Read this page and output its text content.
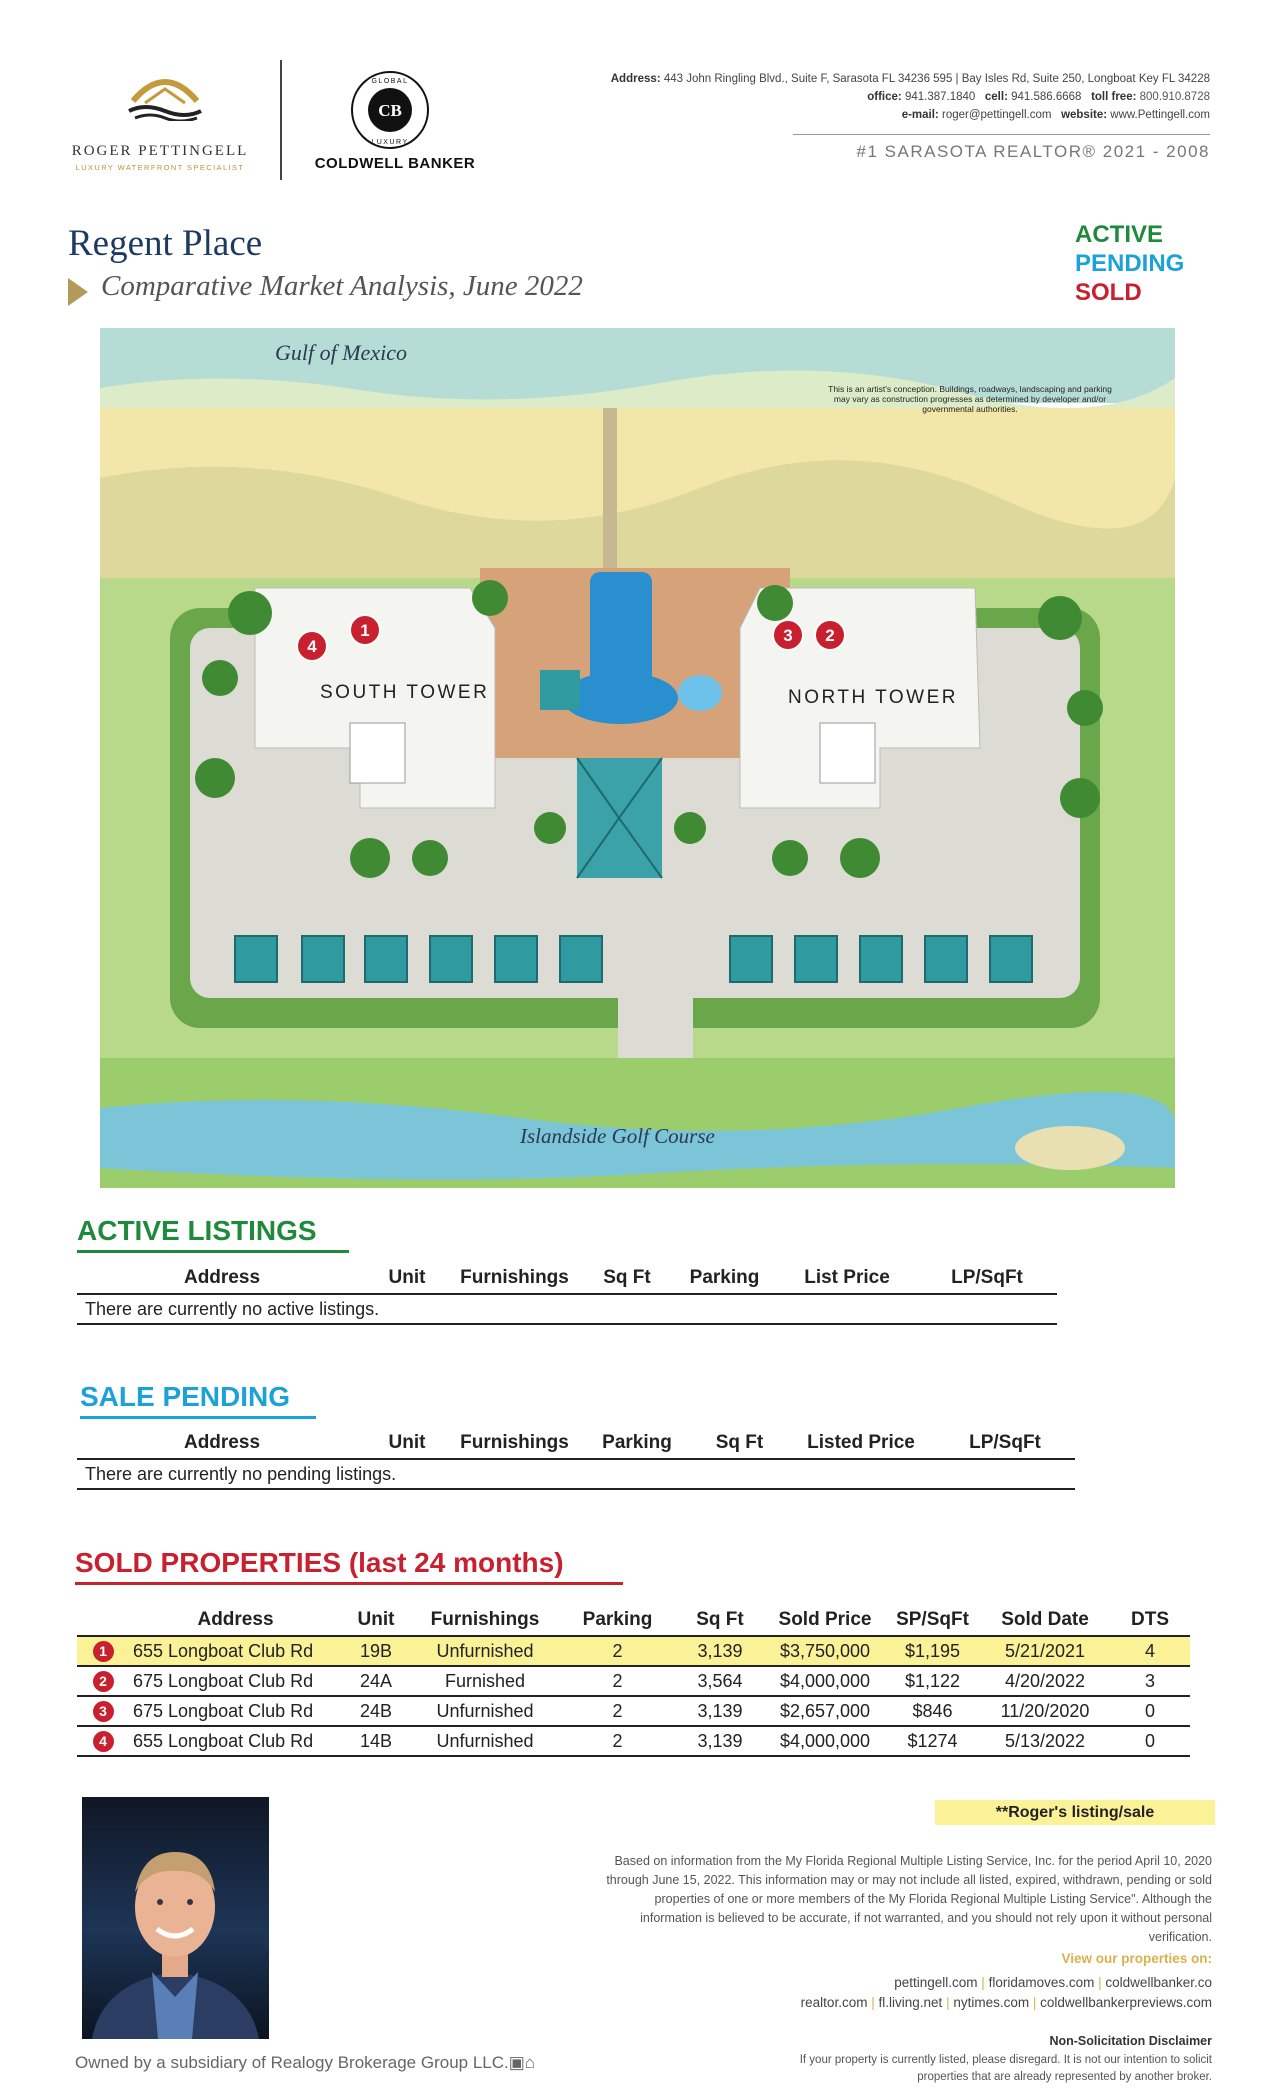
ROGER PETTINGELL
LUXURY WATERFRONT SPECIALIST
CB
GLOBAL
LUXURY
COLDWELL BANKER
Address: 443 John Ringling Blvd., Suite F, Sarasota FL 34236 595 | Bay Isles Rd, Suite 250, Longboat Key FL 34228
office: 941.387.1840 cell: 941.586.6668 toll free: 800.910.8728
e-mail: roger@pettingell.com website: www.Pettingell.com
#1 SARASOTA REALTOR® 2021 - 2008
Regent Place
Comparative Market Analysis, June 2022
ACTIVE
PENDING
SOLD
Gulf of Mexico
Islandside Golf Course
SOUTH TOWER	NORTH TOWER
This is an artist's conception. Buildings, roadways, landscaping and parking may vary as construction progresses as determined by developer and/or governmental authorities.
1	2
3
4
ACTIVE LISTINGS
Address	Unit	Furnishings	Sq Ft	Parking	List Price	LP/SqFt
There are currently no active listings.
SALE PENDING
Address	Unit	Furnishings	Parking	Sq Ft	Listed Price	LP/SqFt
There are currently no pending listings.
SOLD PROPERTIES (last 24 months)
	Address	Unit	Furnishings	Parking	Sq Ft	Sold Price	SP/SqFt	Sold Date	DTS
1	655 Longboat Club Rd	19B	Unfurnished	2	3,139	$3,750,000	$1,195	5/21/2021	4
2	675 Longboat Club Rd	24A	Furnished	2	3,564	$4,000,000	$1,122	4/20/2022	3
3	675 Longboat Club Rd	24B	Unfurnished	2	3,139	$2,657,000	$846	11/20/2020	0
4	655 Longboat Club Rd	14B	Unfurnished	2	3,139	$4,000,000	$1274	5/13/2022	0
**Roger's listing/sale
Based on information from the My Florida Regional Multiple Listing Service, Inc. for the period April 10, 2020 through June 15, 2022. This information may or may not include all listed, expired, withdrawn, pending or sold properties of one or more members of the My Florida Regional Multiple Listing Service". Although the information is believed to be accurate, if not warranted, and you should not rely upon it without personal verification.
View our properties on:
pettingell.com | floridamoves.com | coldwellbanker.co
realtor.com | fl.living.net | nytimes.com | coldwellbankerpreviews.com
Non-Solicitation Disclaimer
If your property is currently listed, please disregard. It is not our intention to solicit properties that are already represented by another broker.
Owned by a subsidiary of Realogy Brokerage Group LLC.▣⌂
